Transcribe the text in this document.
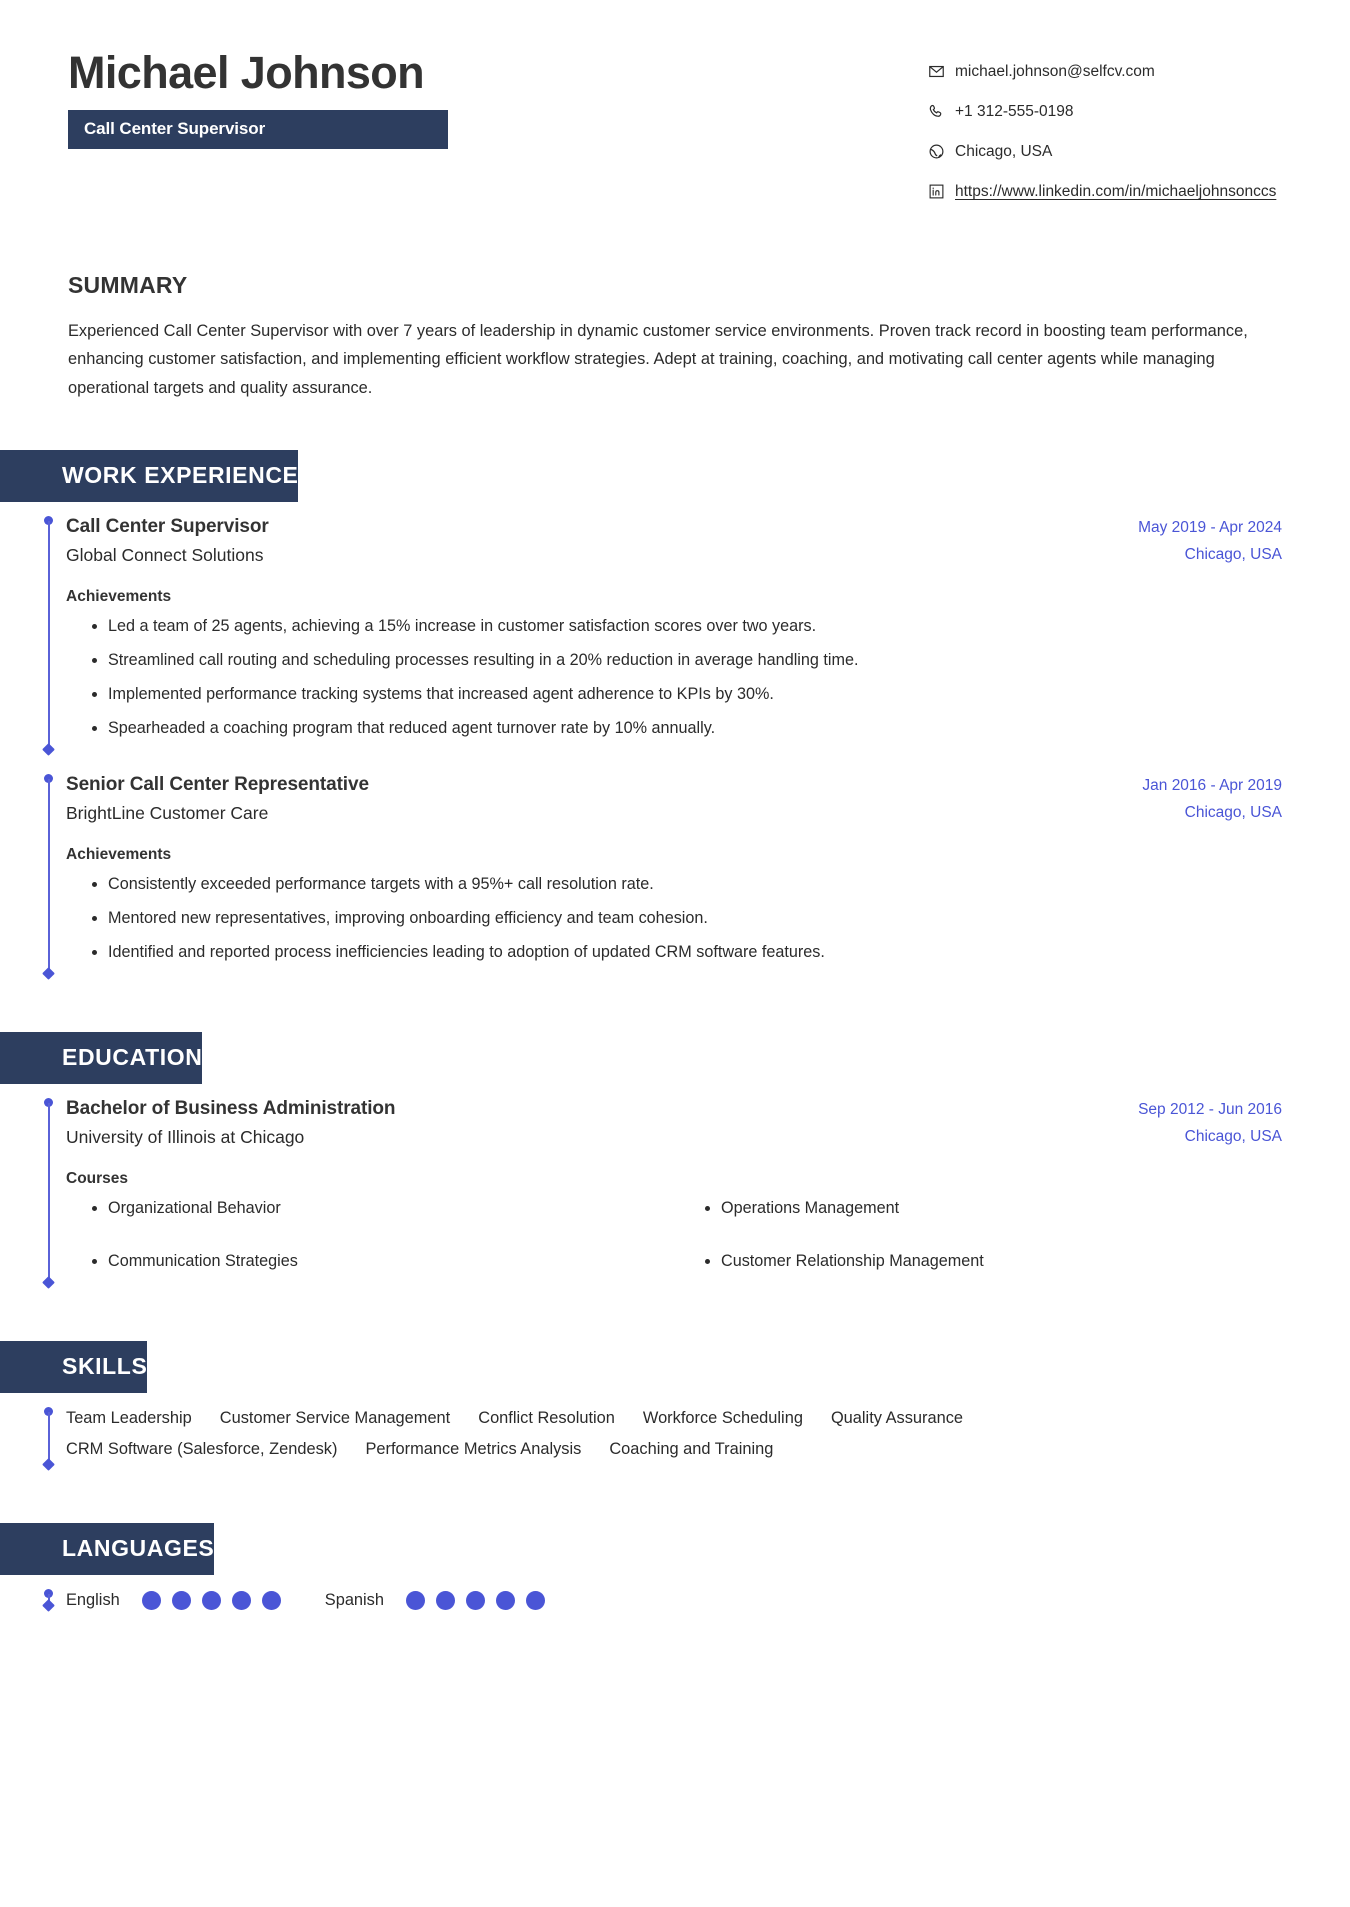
Michael Johnson
Call Center Supervisor
michael.johnson@selfcv.com
+1 312-555-0198
Chicago, USA
https://www.linkedin.com/in/michaeljohnsonccs
SUMMARY
Experienced Call Center Supervisor with over 7 years of leadership in dynamic customer service environments. Proven track record in boosting team performance, enhancing customer satisfaction, and implementing efficient workflow strategies. Adept at training, coaching, and motivating call center agents while managing operational targets and quality assurance.
WORK EXPERIENCE
Call Center Supervisor
Global Connect Solutions
May 2019 - Apr 2024
Chicago, USA
Achievements
Led a team of 25 agents, achieving a 15% increase in customer satisfaction scores over two years.
Streamlined call routing and scheduling processes resulting in a 20% reduction in average handling time.
Implemented performance tracking systems that increased agent adherence to KPIs by 30%.
Spearheaded a coaching program that reduced agent turnover rate by 10% annually.
Senior Call Center Representative
BrightLine Customer Care
Jan 2016 - Apr 2019
Chicago, USA
Achievements
Consistently exceeded performance targets with a 95%+ call resolution rate.
Mentored new representatives, improving onboarding efficiency and team cohesion.
Identified and reported process inefficiencies leading to adoption of updated CRM software features.
EDUCATION
Bachelor of Business Administration
University of Illinois at Chicago
Sep 2012 - Jun 2016
Chicago, USA
Courses
Organizational Behavior	Operations Management
Communication Strategies	Customer Relationship Management
SKILLS
Team Leadership Customer Service Management Conflict Resolution Workforce Scheduling Quality Assurance
CRM Software (Salesforce, Zendesk) Performance Metrics Analysis Coaching and Training
LANGUAGES
English	Spanish
